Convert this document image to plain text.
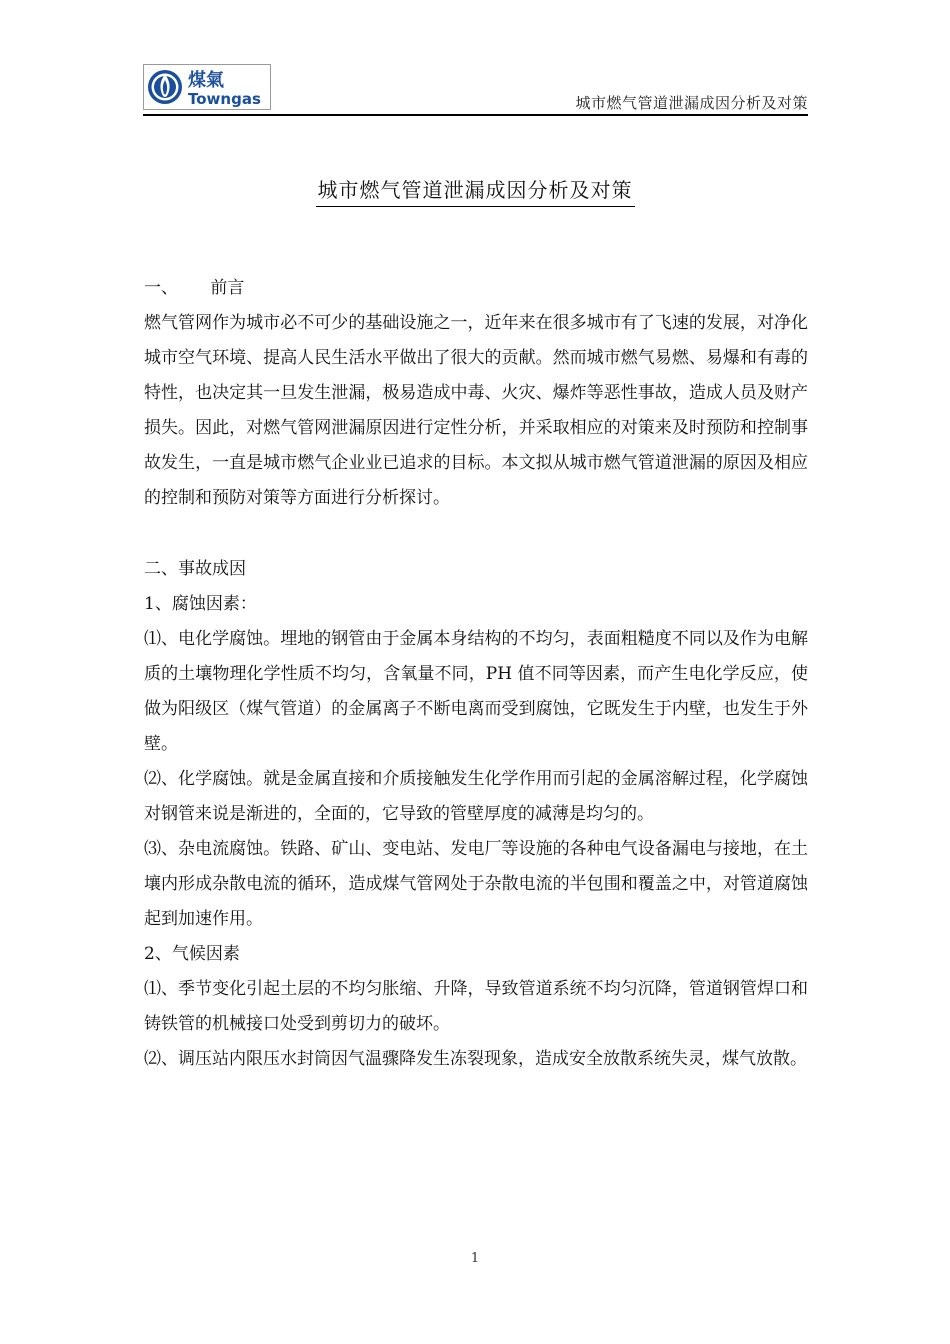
煤氣
Towngas	城市燃气管道泄漏成因分析及对策
城市燃气管道泄漏成因分析及对策

一、      前言

燃气管网作为城市必不可少的基础设施之一，近年来在很多城市有了飞速的发展，对净化城市空气环境、提高人民生活水平做出了很大的贡献。然而城市燃气易燃、易爆和有毒的特性，也决定其一旦发生泄漏，极易造成中毒、火灾、爆炸等恶性事故，造成人员及财产损失。因此，对燃气管网泄漏原因进行定性分析，并采取相应的对策来及时预防和控制事故发生，一直是城市燃气企业业已追求的目标。本文拟从城市燃气管道泄漏的原因及相应的控制和预防对策等方面进行分析探讨。

二、事故成因

1、腐蚀因素：

⑴、电化学腐蚀。埋地的钢管由于金属本身结构的不均匀，表面粗糙度不同以及作为电解质的土壤物理化学性质不均匀，含氧量不同，PH 值不同等因素，而产生电化学反应，使做为阳级区（煤气管道）的金属离子不断电离而受到腐蚀，它既发生于内壁，也发生于外壁。

⑵、化学腐蚀。就是金属直接和介质接触发生化学作用而引起的金属溶解过程，化学腐蚀对钢管来说是渐进的，全面的，它导致的管壁厚度的减薄是均匀的。

⑶、杂电流腐蚀。铁路、矿山、变电站、发电厂等设施的各种电气设备漏电与接地，在土壤内形成杂散电流的循环，造成煤气管网处于杂散电流的半包围和覆盖之中，对管道腐蚀起到加速作用。

2、气候因素

⑴、季节变化引起土层的不均匀胀缩、升降，导致管道系统不均匀沉降，管道钢管焊口和铸铁管的机械接口处受到剪切力的破坏。

⑵、调压站内限压水封筒因气温骤降发生冻裂现象，造成安全放散系统失灵，煤气放散。

1
